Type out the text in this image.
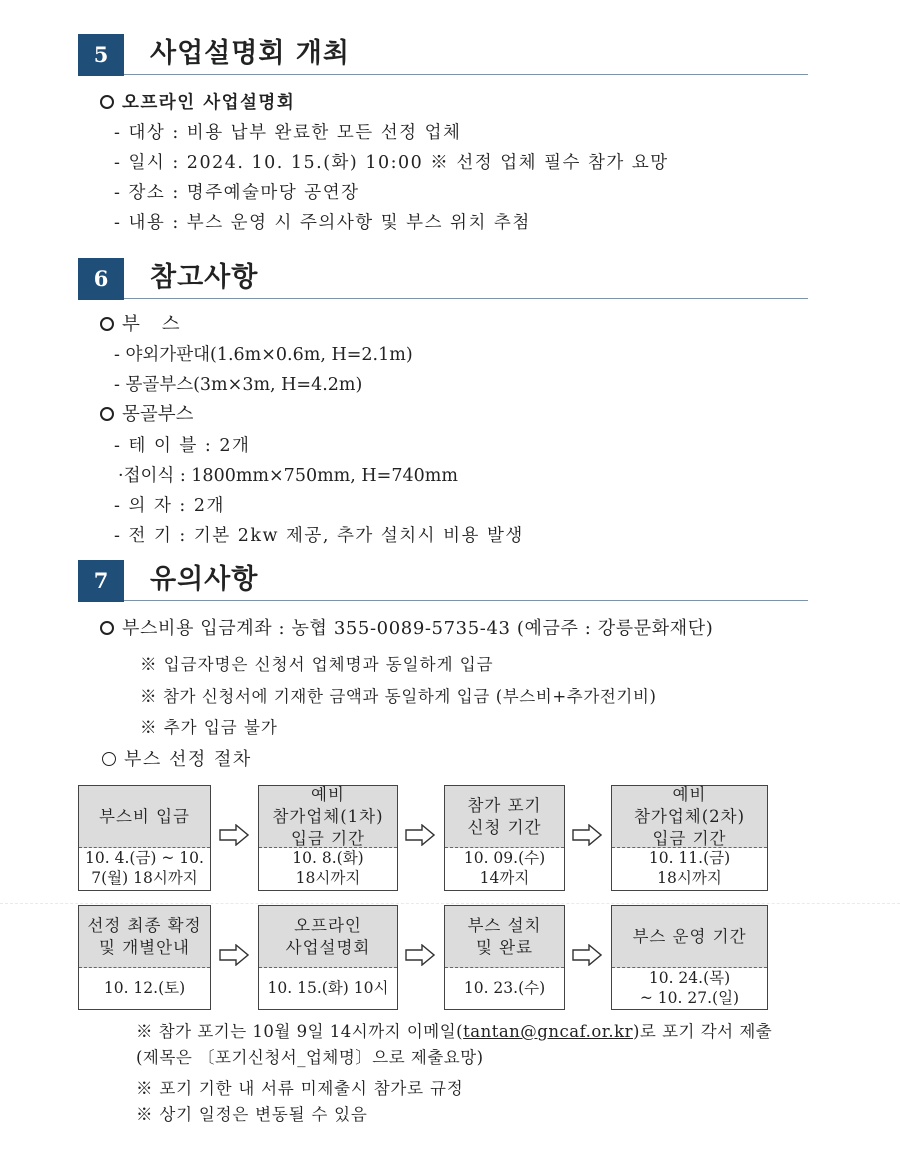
5	사업설명회 개최
오프라인 사업설명회
- 대상 : 비용 납부 완료한 모든 선정 업체
- 일시 : 2024. 10. 15.(화) 10:00 ※ 선정 업체 필수 참가 요망
- 장소 : 명주예술마당 공연장
- 내용 : 부스 운영 시 주의사항 및 부스 위치 추첨
6	참고사항
부 스
- 야외가판대(1.6m×0.6m, H=2.1m)
- 몽골부스(3m×3m, H=4.2m)
몽골부스
- 테 이 블 : 2개
·접이식 : 1800mm×750mm, H=740mm
- 의 자 : 2개
- 전 기 : 기본 2kw 제공, 추가 설치시 비용 발생
7	유의사항
부스비용 입금계좌 : 농협 355-0089-5735-43 (예금주 : 강릉문화재단)
※ 입금자명은 신청서 업체명과 동일하게 입금
※ 참가 신청서에 기재한 금액과 동일하게 입금 (부스비+추가전기비)
※ 추가 입금 불가
부스 선정 절차
부스비 입금
10. 4.(금) ~ 10.
7(월) 18시까지
예비
참가업체(1차)
입금 기간
10. 8.(화)
18시까지
참가 포기
신청 기간
10. 09.(수)
14까지
예비
참가업체(2차)
입금 기간
10. 11.(금)
18시까지
선정 최종 확정
및 개별안내
10. 12.(토)
오프라인
사업설명회
10. 15.(화) 10시
부스 설치
및 완료
10. 23.(수)
부스 운영 기간
10. 24.(목)
~ 10. 27.(일)
※ 참가 포기는 10월 9일 14시까지 이메일(tantan@gncaf.or.kr)로 포기 각서 제출
(제목은 〔포기신청서_업체명〕으로 제출요망)
※ 포기 기한 내 서류 미제출시 참가로 규정
※ 상기 일정은 변동될 수 있음
